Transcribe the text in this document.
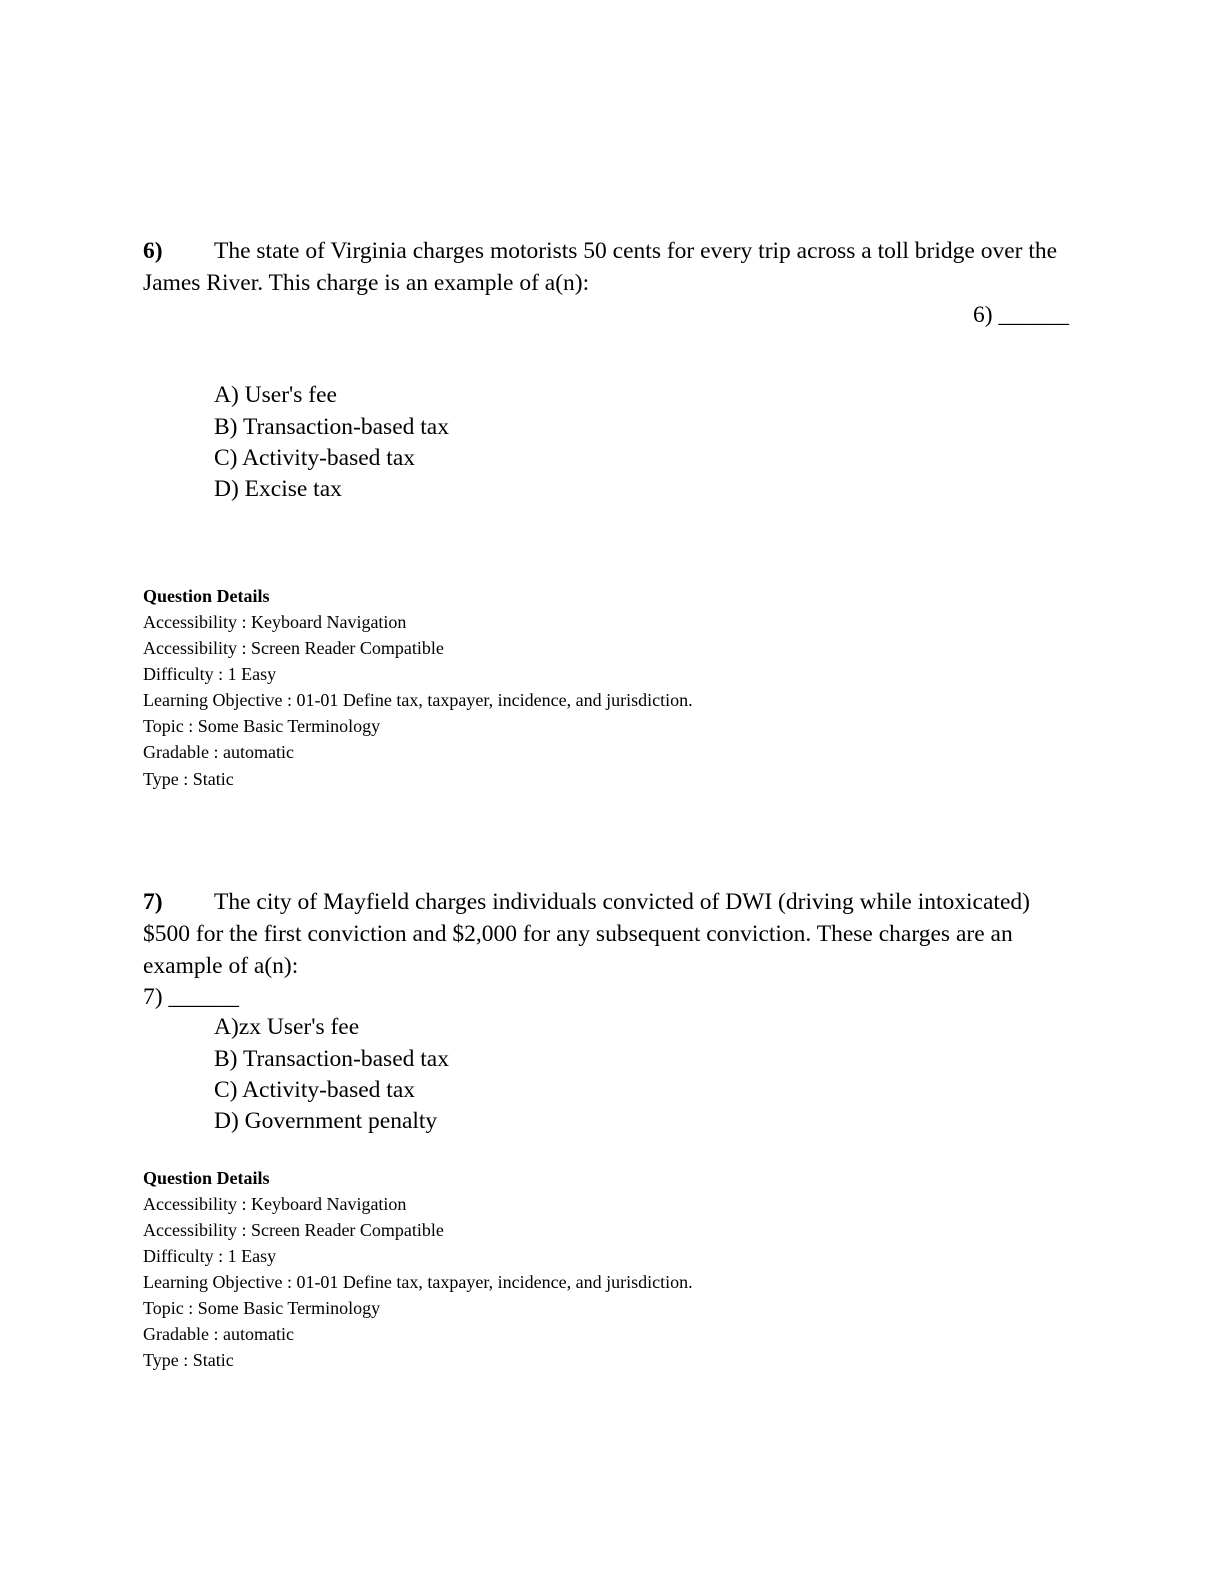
6) The state of Virginia charges motorists 50 cents for every trip across a toll bridge over the
James River. This charge is an example of a(n):
6) ______
A) User's fee
B) Transaction-based tax
C) Activity-based tax
D) Excise tax
Question Details
Accessibility : Keyboard Navigation
Accessibility : Screen Reader Compatible
Difficulty : 1 Easy
Learning Objective : 01-01 Define tax, taxpayer, incidence, and jurisdiction.
Topic : Some Basic Terminology
Gradable : automatic
Type : Static
7) The city of Mayfield charges individuals convicted of DWI (driving while intoxicated)
$500 for the first conviction and $2,000 for any subsequent conviction. These charges are an
example of a(n):
7) ______
A)zx User's fee
B) Transaction-based tax
C) Activity-based tax
D) Government penalty
Question Details
Accessibility : Keyboard Navigation
Accessibility : Screen Reader Compatible
Difficulty : 1 Easy
Learning Objective : 01-01 Define tax, taxpayer, incidence, and jurisdiction.
Topic : Some Basic Terminology
Gradable : automatic
Type : Static
